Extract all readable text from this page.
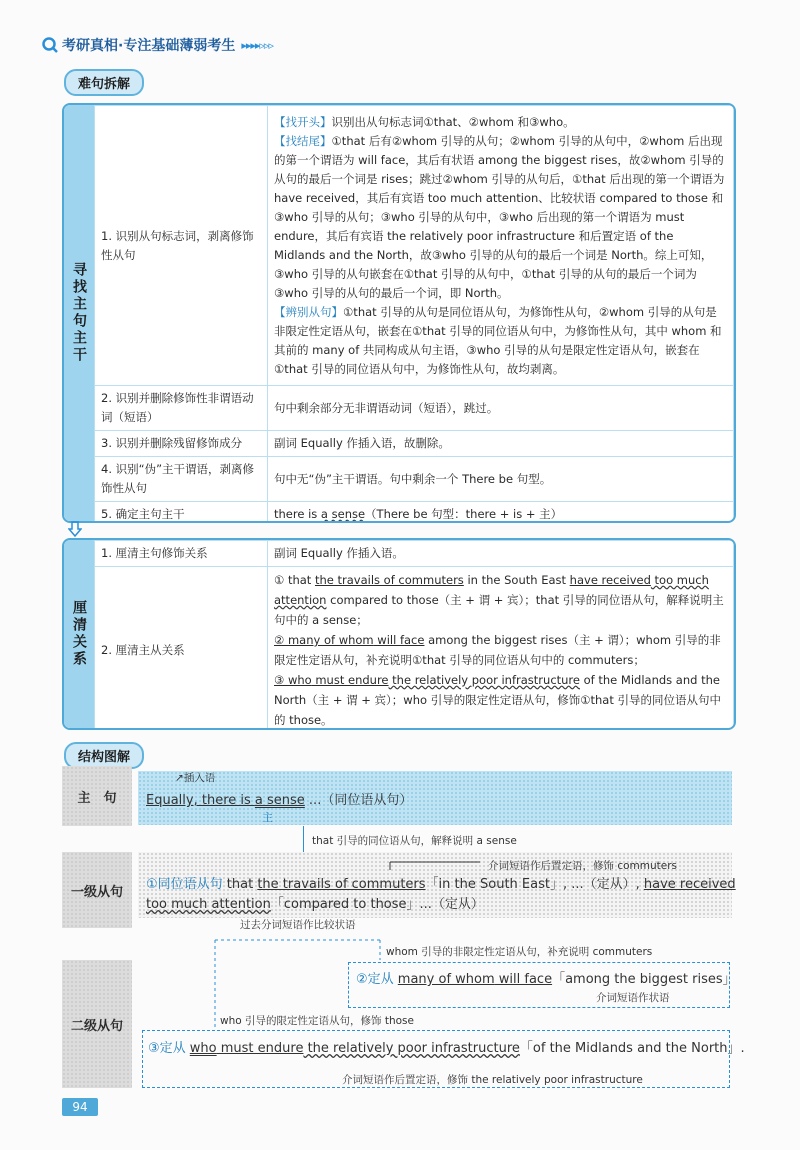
考研真相·专注基础薄弱考生 ▸▸▸▸▹▹▹
难句拆解
寻找主句主干
1. 识别从句标志词，剥离修饰性从句	【找开头】识别出从句标志词①that、②whom 和③who。
【找结尾】①that 后有②whom 引导的从句；②whom 引导的从句中，②whom 后出现的第一个谓语为 will face，其后有状语 among the biggest rises，故②whom 引导的从句的最后一个词是 rises；跳过②whom 引导的从句后，①that 后出现的第一个谓语为 have received，其后有宾语 too much attention、比较状语 compared to those 和③who 引导的从句；③who 引导的从句中，③who 后出现的第一个谓语为 must endure，其后有宾语 the relatively poor infrastructure 和后置定语 of the Midlands and the North，故③who 引导的从句的最后一个词是 North。综上可知，③who 引导的从句嵌套在①that 引导的从句中，①that 引导的从句的最后一个词为③who 引导的从句的最后一个词，即 North。
【辨别从句】①that 引导的从句是同位语从句，为修饰性从句，②whom 引导的从句是非限定性定语从句，嵌套在①that 引导的同位语从句中，为修饰性从句，其中 whom 和其前的 many of 共同构成从句主语，③who 引导的从句是限定性定语从句，嵌套在①that 引导的同位语从句中，为修饰性从句，故均剥离。
2. 识别并删除修饰性非谓语动词（短语）	句中剩余部分无非谓语动词（短语），跳过。
3. 识别并删除残留修饰成分	副词 Equally 作插入语，故删除。
4. 识别“伪”主干谓语，剥离修饰性从句	句中无“伪”主干谓语。句中剩余一个 There be 句型。
5. 确定主句主干	there is a sense（There be 句型：there + is + 主）
厘清关系
1. 厘清主句修饰关系	副词 Equally 作插入语。
2. 厘清主从关系	① that the travails of commuters in the South East have received too much attention compared to those（主 + 谓 + 宾）；that 引导的同位语从句，解释说明主句中的 a sense；
② many of whom will face among the biggest rises（主 + 谓）；whom 引导的非限定性定语从句，补充说明①that 引导的同位语从句中的 commuters；
③ who must endure the relatively poor infrastructure of the Midlands and the North（主 + 谓 + 宾）；who 引导的限定性定语从句，修饰①that 引导的同位语从句中的 those。
结构图解
主　句
↗插入语
Equally, there is a sense ...（同位语从句）
主
that 引导的同位语从句，解释说明 a sense
一级从句
介词短语作后置定语，修饰 commuters
①同位语从句 that the travails of commuters「in the South East」, ...（定从）, have received
too much attention「compared to those」...（定从）
过去分词短语作比较状语
whom 引导的非限定性定语从句，补充说明 commuters
二级从句
②定从 many of whom will face「among the biggest rises」
介词短语作状语
who 引导的限定性定语从句，修饰 those
③定从 who must endure the relatively poor infrastructure「of the Midlands and the North」.
介词短语作后置定语，修饰 the relatively poor infrastructure
94
